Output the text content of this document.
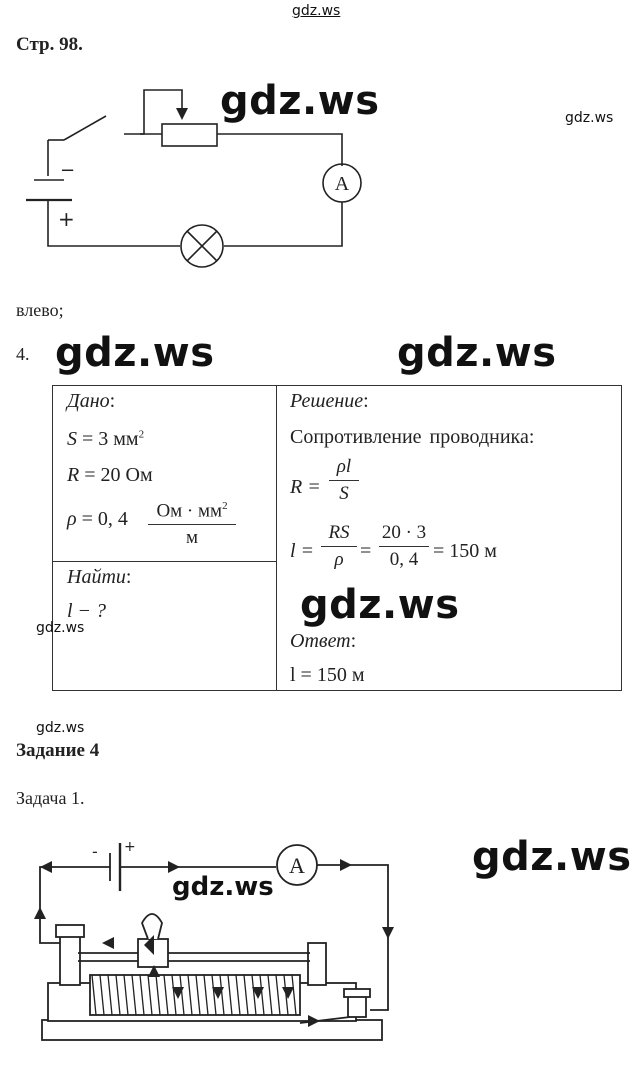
gdz.ws
Стр. 98.
−
+
A
gdz.ws	gdz.ws
влево;
4. gdz.ws	gdz.ws
Дано:
S = 3 $мм^2$
R = 20 Ом
ρ = 0, 4	Ом · $мм^2$
м
Найти:
l − ?
Решение:
Сопротивление проводника:
R =
ρl
S
l =
RS
ρ =
20 · 3
0, 4 = 150 м
Ответ:
l = 150 м
gdz.ws
gdz.ws
gdz.ws
Задание 4
Задача 1.
gdz.ws
- +
A
gdz.ws
